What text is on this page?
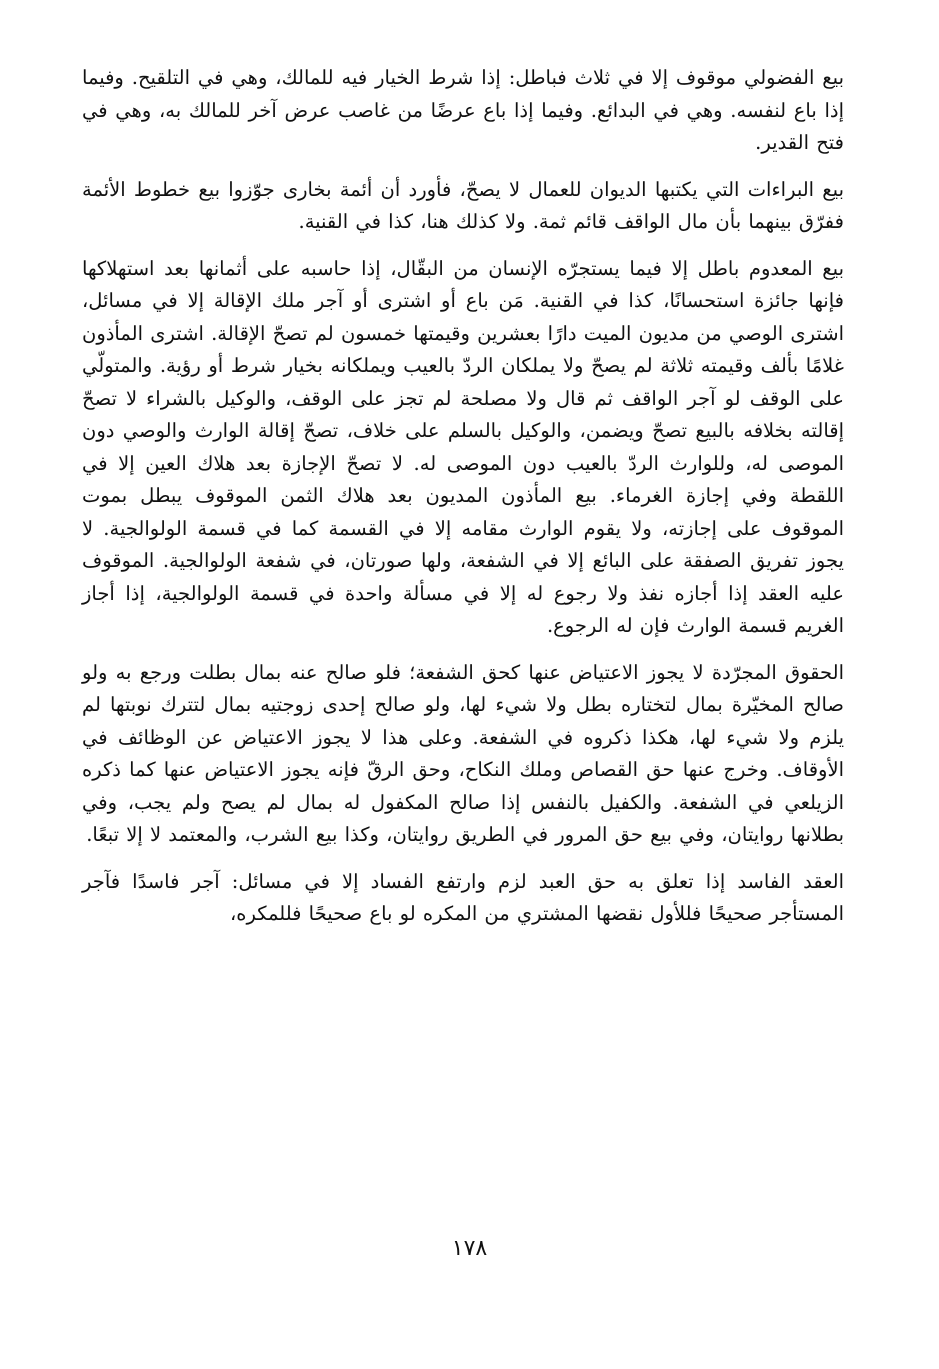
بيع الفضولي موقوف إلا في ثلاث فباطل: إذا شرط الخيار فيه للمالك، وهي في التلقيح. وفيما إذا باع لنفسه. وهي في البدائع. وفيما إذا باع عرضًا من غاصب عرض آخر للمالك به، وهي في فتح القدير.

بيع البراءات التي يكتبها الديوان للعمال لا يصحّ، فأورد أن أئمة بخارى جوّزوا بيع خطوط الأئمة ففرّق بينهما بأن مال الواقف قائم ثمة. ولا كذلك هنا، كذا في القنية.

بيع المعدوم باطل إلا فيما يستجرّه الإنسان من البقّال، إذا حاسبه على أثمانها بعد استهلاكها فإنها جائزة استحسانًا، كذا في القنية. مَن باع أو اشترى أو آجر ملك الإقالة إلا في مسائل، اشترى الوصي من مديون الميت دارًا بعشرين وقيمتها خمسون لم تصحّ الإقالة. اشترى المأذون غلامًا بألف وقيمته ثلاثة لم يصحّ ولا يملكان الردّ بالعيب ويملكانه بخيار شرط أو رؤية. والمتولّي على الوقف لو آجر الواقف ثم قال ولا مصلحة لم تجز على الوقف، والوكيل بالشراء لا تصحّ إقالته بخلافه بالبيع تصحّ ويضمن، والوكيل بالسلم على خلاف، تصحّ إقالة الوارث والوصي دون الموصى له، وللوارث الردّ بالعيب دون الموصى له. لا تصحّ الإجازة بعد هلاك العين إلا في اللقطة وفي إجازة الغرماء. بيع المأذون المديون بعد هلاك الثمن الموقوف يبطل بموت الموقوف على إجازته، ولا يقوم الوارث مقامه إلا في القسمة كما في قسمة الولوالجية. لا يجوز تفريق الصفقة على البائع إلا في الشفعة، ولها صورتان، في شفعة الولوالجية. الموقوف عليه العقد إذا أجازه نفذ ولا رجوع له إلا في مسألة واحدة في قسمة الولوالجية، إذا أجاز الغريم قسمة الوارث فإن له الرجوع.

الحقوق المجرّدة لا يجوز الاعتياض عنها كحق الشفعة؛ فلو صالح عنه بمال بطلت ورجع به ولو صالح المخيّرة بمال لتختاره بطل ولا شيء لها، ولو صالح إحدى زوجتيه بمال لتترك نوبتها لم يلزم ولا شيء لها، هكذا ذكروه في الشفعة. وعلى هذا لا يجوز الاعتياض عن الوظائف في الأوقاف. وخرج عنها حق القصاص وملك النكاح، وحق الرقّ فإنه يجوز الاعتياض عنها كما ذكره الزيلعي في الشفعة. والكفيل بالنفس إذا صالح المكفول له بمال لم يصح ولم يجب، وفي بطلانها روايتان، وفي بيع حق المرور في الطريق روايتان، وكذا بيع الشرب، والمعتمد لا إلا تبعًا.

العقد الفاسد إذا تعلق به حق العبد لزم وارتفع الفساد إلا في مسائل: آجر فاسدًا فآجر المستأجر صحيحًا فللأول نقضها المشتري من المكره لو باع صحيحًا فللمكره،

١٧٨
